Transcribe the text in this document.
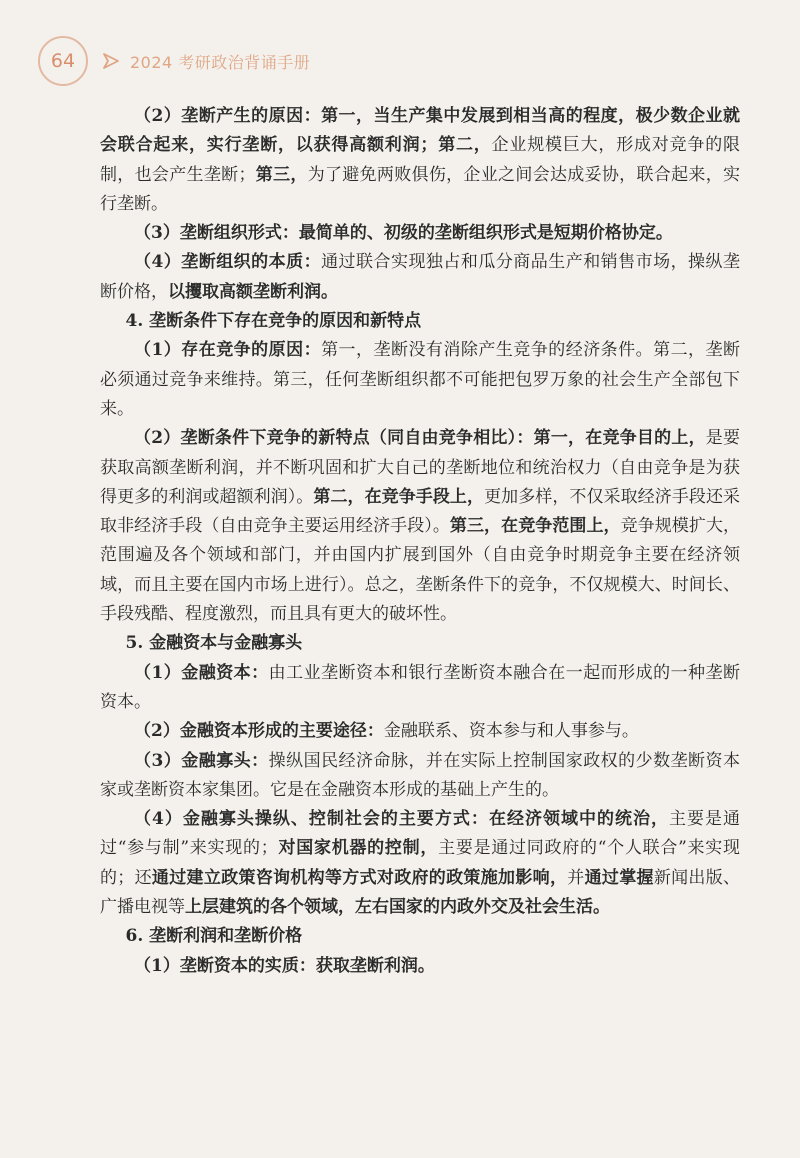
64	2024 考研政治背诵手册

（2）垄断产生的原因：第一，当生产集中发展到相当高的程度，极少数企业就会联合起来，实行垄断，以获得高额利润；第二，企业规模巨大，形成对竞争的限制，也会产生垄断；第三，为了避免两败俱伤，企业之间会达成妥协，联合起来，实行垄断。

（3）垄断组织形式：最简单的、初级的垄断组织形式是短期价格协定。

（4）垄断组织的本质：通过联合实现独占和瓜分商品生产和销售市场，操纵垄断价格，以攫取高额垄断利润。

4. 垄断条件下存在竞争的原因和新特点

（1）存在竞争的原因：第一，垄断没有消除产生竞争的经济条件。第二，垄断必须通过竞争来维持。第三，任何垄断组织都不可能把包罗万象的社会生产全部包下来。

（2）垄断条件下竞争的新特点（同自由竞争相比）：第一，在竞争目的上，是要获取高额垄断利润，并不断巩固和扩大自己的垄断地位和统治权力（自由竞争是为获得更多的利润或超额利润）。第二，在竞争手段上，更加多样，不仅采取经济手段还采取非经济手段（自由竞争主要运用经济手段）。第三，在竞争范围上，竞争规模扩大，范围遍及各个领域和部门，并由国内扩展到国外（自由竞争时期竞争主要在经济领域，而且主要在国内市场上进行）。总之，垄断条件下的竞争，不仅规模大、时间长、手段残酷、程度激烈，而且具有更大的破坏性。

5. 金融资本与金融寡头

（1）金融资本：由工业垄断资本和银行垄断资本融合在一起而形成的一种垄断资本。

（2）金融资本形成的主要途径：金融联系、资本参与和人事参与。

（3）金融寡头：操纵国民经济命脉，并在实际上控制国家政权的少数垄断资本家或垄断资本家集团。它是在金融资本形成的基础上产生的。

（4）金融寡头操纵、控制社会的主要方式：在经济领域中的统治，主要是通过“参与制”来实现的；对国家机器的控制，主要是通过同政府的“个人联合”来实现的；还通过建立政策咨询机构等方式对政府的政策施加影响，并通过掌握新闻出版、广播电视等上层建筑的各个领域，左右国家的内政外交及社会生活。

6. 垄断利润和垄断价格

（1）垄断资本的实质：获取垄断利润。
